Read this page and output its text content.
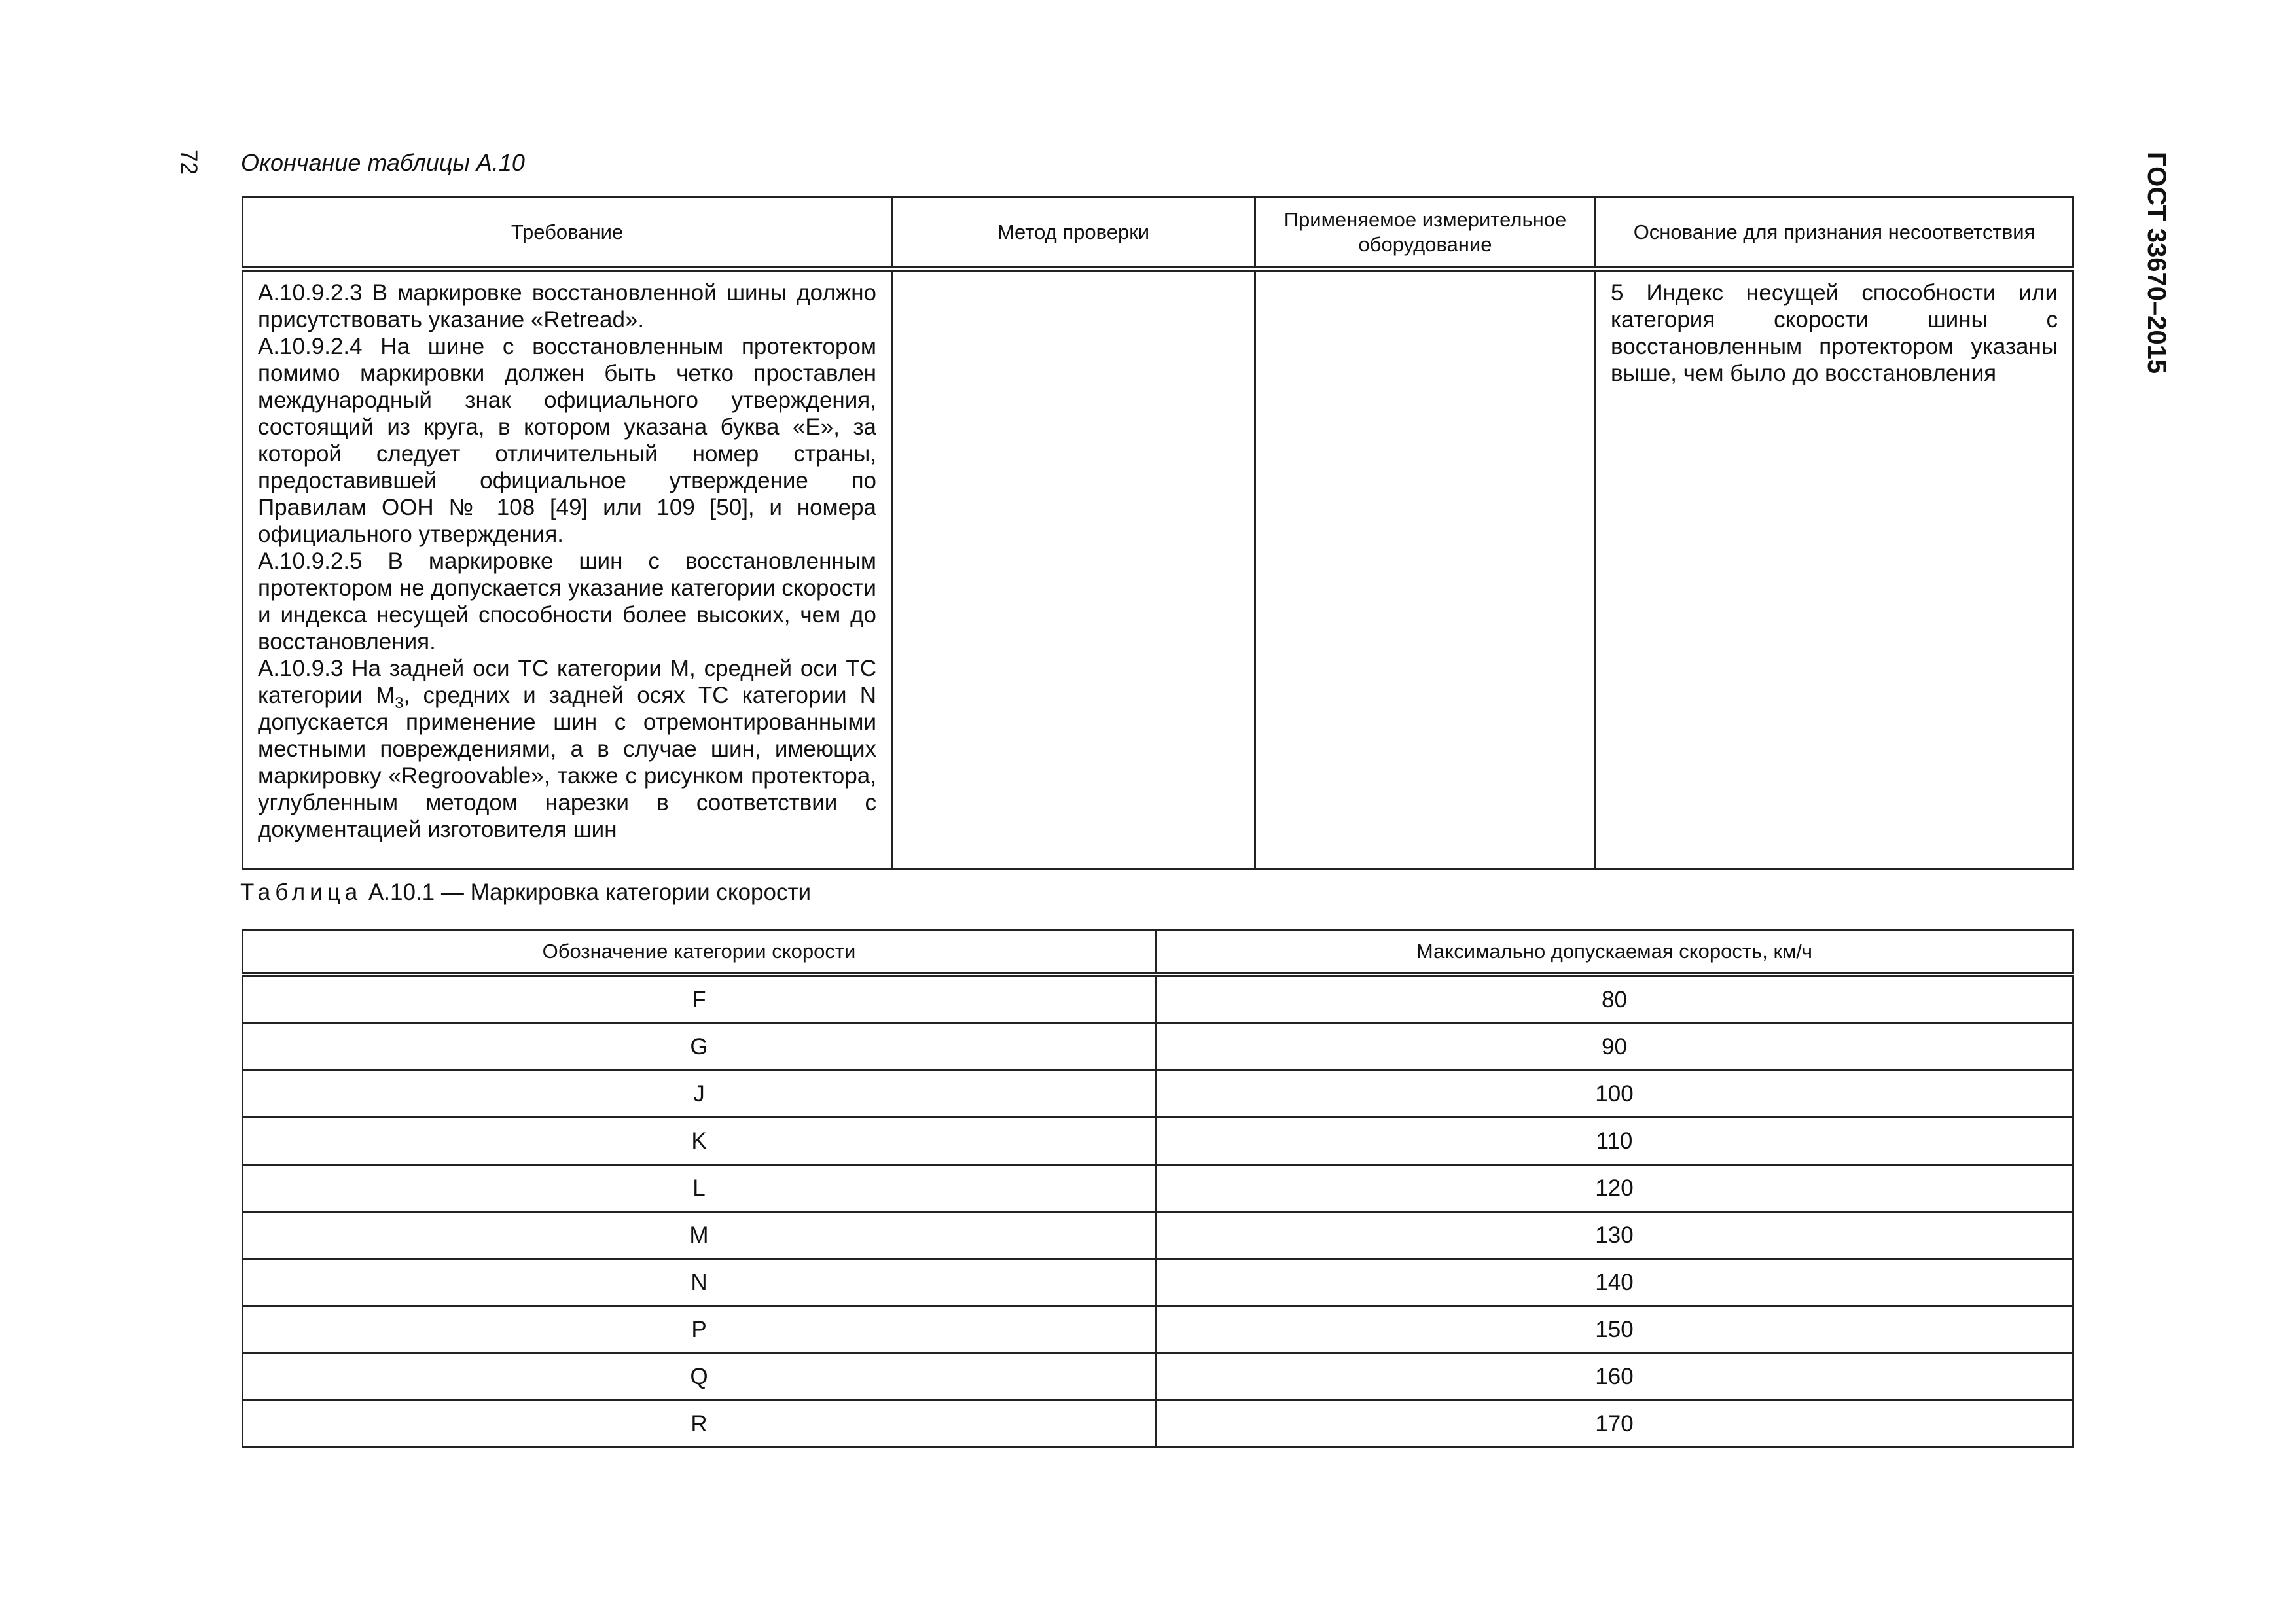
72	ГОСТ 33670–2015
Окончание таблицы А.10
Требование	Метод проверки	Применяемое измерительное оборудование	Основание для признания несоответствия

А.10.9.2.3 В маркировке восстановленной шины должно присутствовать указание «Retread».

А.10.9.2.4 На шине с восстановленным протектором помимо маркировки должен быть четко проставлен международный знак официального утверждения, состоящий из круга, в котором указана буква «Е», за которой следует отличительный номер страны, предоставившей официальное утверждение по Правилам ООН № 108 [49] или 109 [50], и номера официального утверждения.

А.10.9.2.5 В маркировке шин с восстановленным протектором не допускается указание категории скорости и индекса несущей способности более высоких, чем до восстановления.

А.10.9.3 На задней оси ТС категории М, средней оси ТС категории $М_3$, средних и задней осях ТС категории N допускается применение шин с отремонтированными местными повреждениями, а в случае шин, имеющих маркировку «Regroovable», также с рисунком протектора, углубленным методом нарезки в соответствии с документацией изготовителя шин			5 Индекс несущей способности или категория скорости шины с восстановленным протектором указаны выше, чем было до восстановления
Таблица А.10.1 — Маркировка категории скорости
Обозначение категории скорости	Максимально допускаемая скорость, км/ч
F	80
G	90
J	100
K	110
L	120
M	130
N	140
P	150
Q	160
R	170
